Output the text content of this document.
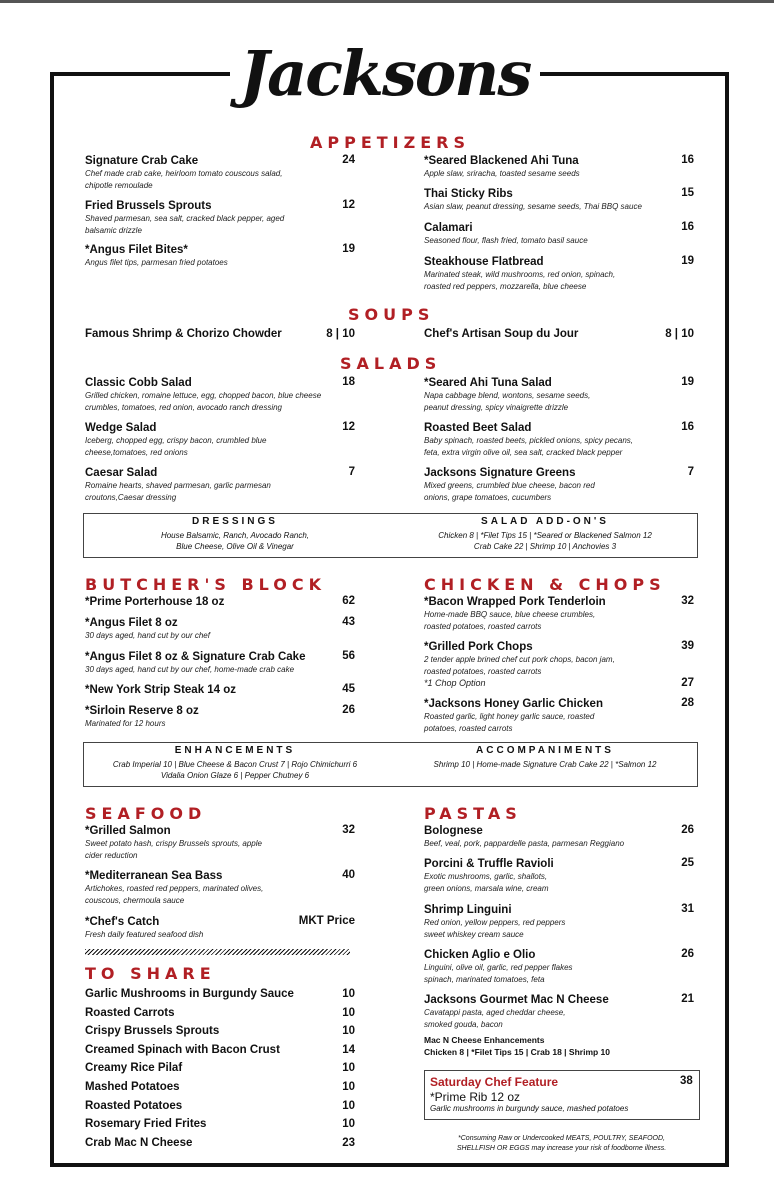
Jacksons
APPETIZERS
Signature Crab Cake	24
Chef made crab cake, heirloom tomato couscous salad, chipotle remoulade
Fried Brussels Sprouts	12
Shaved parmesan, sea salt, cracked black pepper, aged balsamic drizzle
*Angus Filet Bites*	19
Angus filet tips, parmesan fried potatoes
*Seared Blackened Ahi Tuna	16
Apple slaw, sriracha, toasted sesame seeds
Thai Sticky Ribs	15
Asian slaw, peanut dressing, sesame seeds, Thai BBQ sauce
Calamari	16
Seasoned flour, flash fried, tomato basil sauce
Steakhouse Flatbread	19
Marinated steak, wild mushrooms, red onion, spinach, roasted red peppers, mozzarella, blue cheese
SOUPS
Famous Shrimp & Chorizo Chowder	8 | 10	Chef's Artisan Soup du Jour	8 | 10
SALADS
Classic Cobb Salad	18
Grilled chicken, romaine lettuce, egg, chopped bacon, blue cheese crumbles, tomatoes, red onion, avocado ranch dressing
Wedge Salad	12
Iceberg, chopped egg, crispy bacon, crumbled blue cheese,tomatoes, red onions
Caesar Salad	7
Romaine hearts, shaved parmesan, garlic parmesan croutons,Caesar dressing
*Seared Ahi Tuna Salad	19
Napa cabbage blend, wontons, sesame seeds, peanut dressing, spicy vinaigrette drizzle
Roasted Beet Salad	16
Baby spinach, roasted beets, pickled onions, spicy pecans, feta, extra virgin olive oil, sea salt, cracked black pepper
Jacksons Signature Greens	7
Mixed greens, crumbled blue cheese, bacon red onions, grape tomatoes, cucumbers
DRESSINGS
House Balsamic, Ranch, Avocado Ranch,
Blue Cheese, Olive Oil & Vinegar
SALAD ADD-ON'S
Chicken 8 | *Filet Tips 15 | *Seared or Blackened Salmon 12
Crab Cake 22 | Shrimp 10 | Anchovies 3
BUTCHER'S BLOCK
*Prime Porterhouse 18 oz	62
*Angus Filet 8 oz	43
30 days aged, hand cut by our chef
*Angus Filet 8 oz & Signature Crab Cake	56
30 days aged, hand cut by our chef, home-made crab cake
*New York Strip Steak 14 oz	45
*Sirloin Reserve 8 oz	26
Marinated for 12 hours
CHICKEN & CHOPS
*Bacon Wrapped Pork Tenderloin	32
Home-made BBQ sauce, blue cheese crumbles, roasted potatoes, roasted carrots
*Grilled Pork Chops	39
2 tender apple brined chef cut pork chops, bacon jam, roasted potatoes, roasted carrots
*1 Chop Option	27
*Jacksons Honey Garlic Chicken	28
Roasted garlic, light honey garlic sauce, roasted potatoes, roasted carrots
ENHANCEMENTS
Crab Imperial 10 | Blue Cheese & Bacon Crust 7 | Rojo Chimichurri 6
Vidalia Onion Glaze 6 | Pepper Chutney 6
ACCOMPANIMENTS
Shrimp 10 | Home-made Signature Crab Cake 22 | *Salmon 12
SEAFOOD
*Grilled Salmon	32
Sweet potato hash, crispy Brussels sprouts, apple cider reduction
*Mediterranean Sea Bass	40
Artichokes, roasted red peppers, marinated olives, couscous, chermoula sauce
*Chef's Catch	MKT Price
Fresh daily featured seafood dish
TO SHARE
Garlic Mushrooms in Burgundy Sauce	10
Roasted Carrots	10
Crispy Brussels Sprouts	10
Creamed Spinach with Bacon Crust	14
Creamy Rice Pilaf	10
Mashed Potatoes	10
Roasted Potatoes	10
Rosemary Fried Frites	10
Crab Mac N Cheese	23
PASTAS
Bolognese	26
Beef, veal, pork, pappardelle pasta, parmesan Reggiano
Porcini & Truffle Ravioli	25
Exotic mushrooms, garlic, shallots, green onions, marsala wine, cream
Shrimp Linguini	31
Red onion, yellow peppers, red peppers sweet whiskey cream sauce
Chicken Aglio e Olio	26
Linguini, olive oil, garlic, red pepper flakes spinach, marinated tomatoes, feta
Jacksons Gourmet Mac N Cheese	21
Cavatappi pasta, aged cheddar cheese, smoked gouda, bacon
Mac N Cheese Enhancements
Chicken 8 | *Filet Tips 15 | Crab 18 | Shrimp 10
Saturday Chef Feature	38
*Prime Rib 12 oz
Garlic mushrooms in burgundy sauce, mashed potatoes
*Consuming Raw or Undercooked MEATS, POULTRY, SEAFOOD,
SHELLFISH OR EGGS may increase your risk of foodborne illness.
